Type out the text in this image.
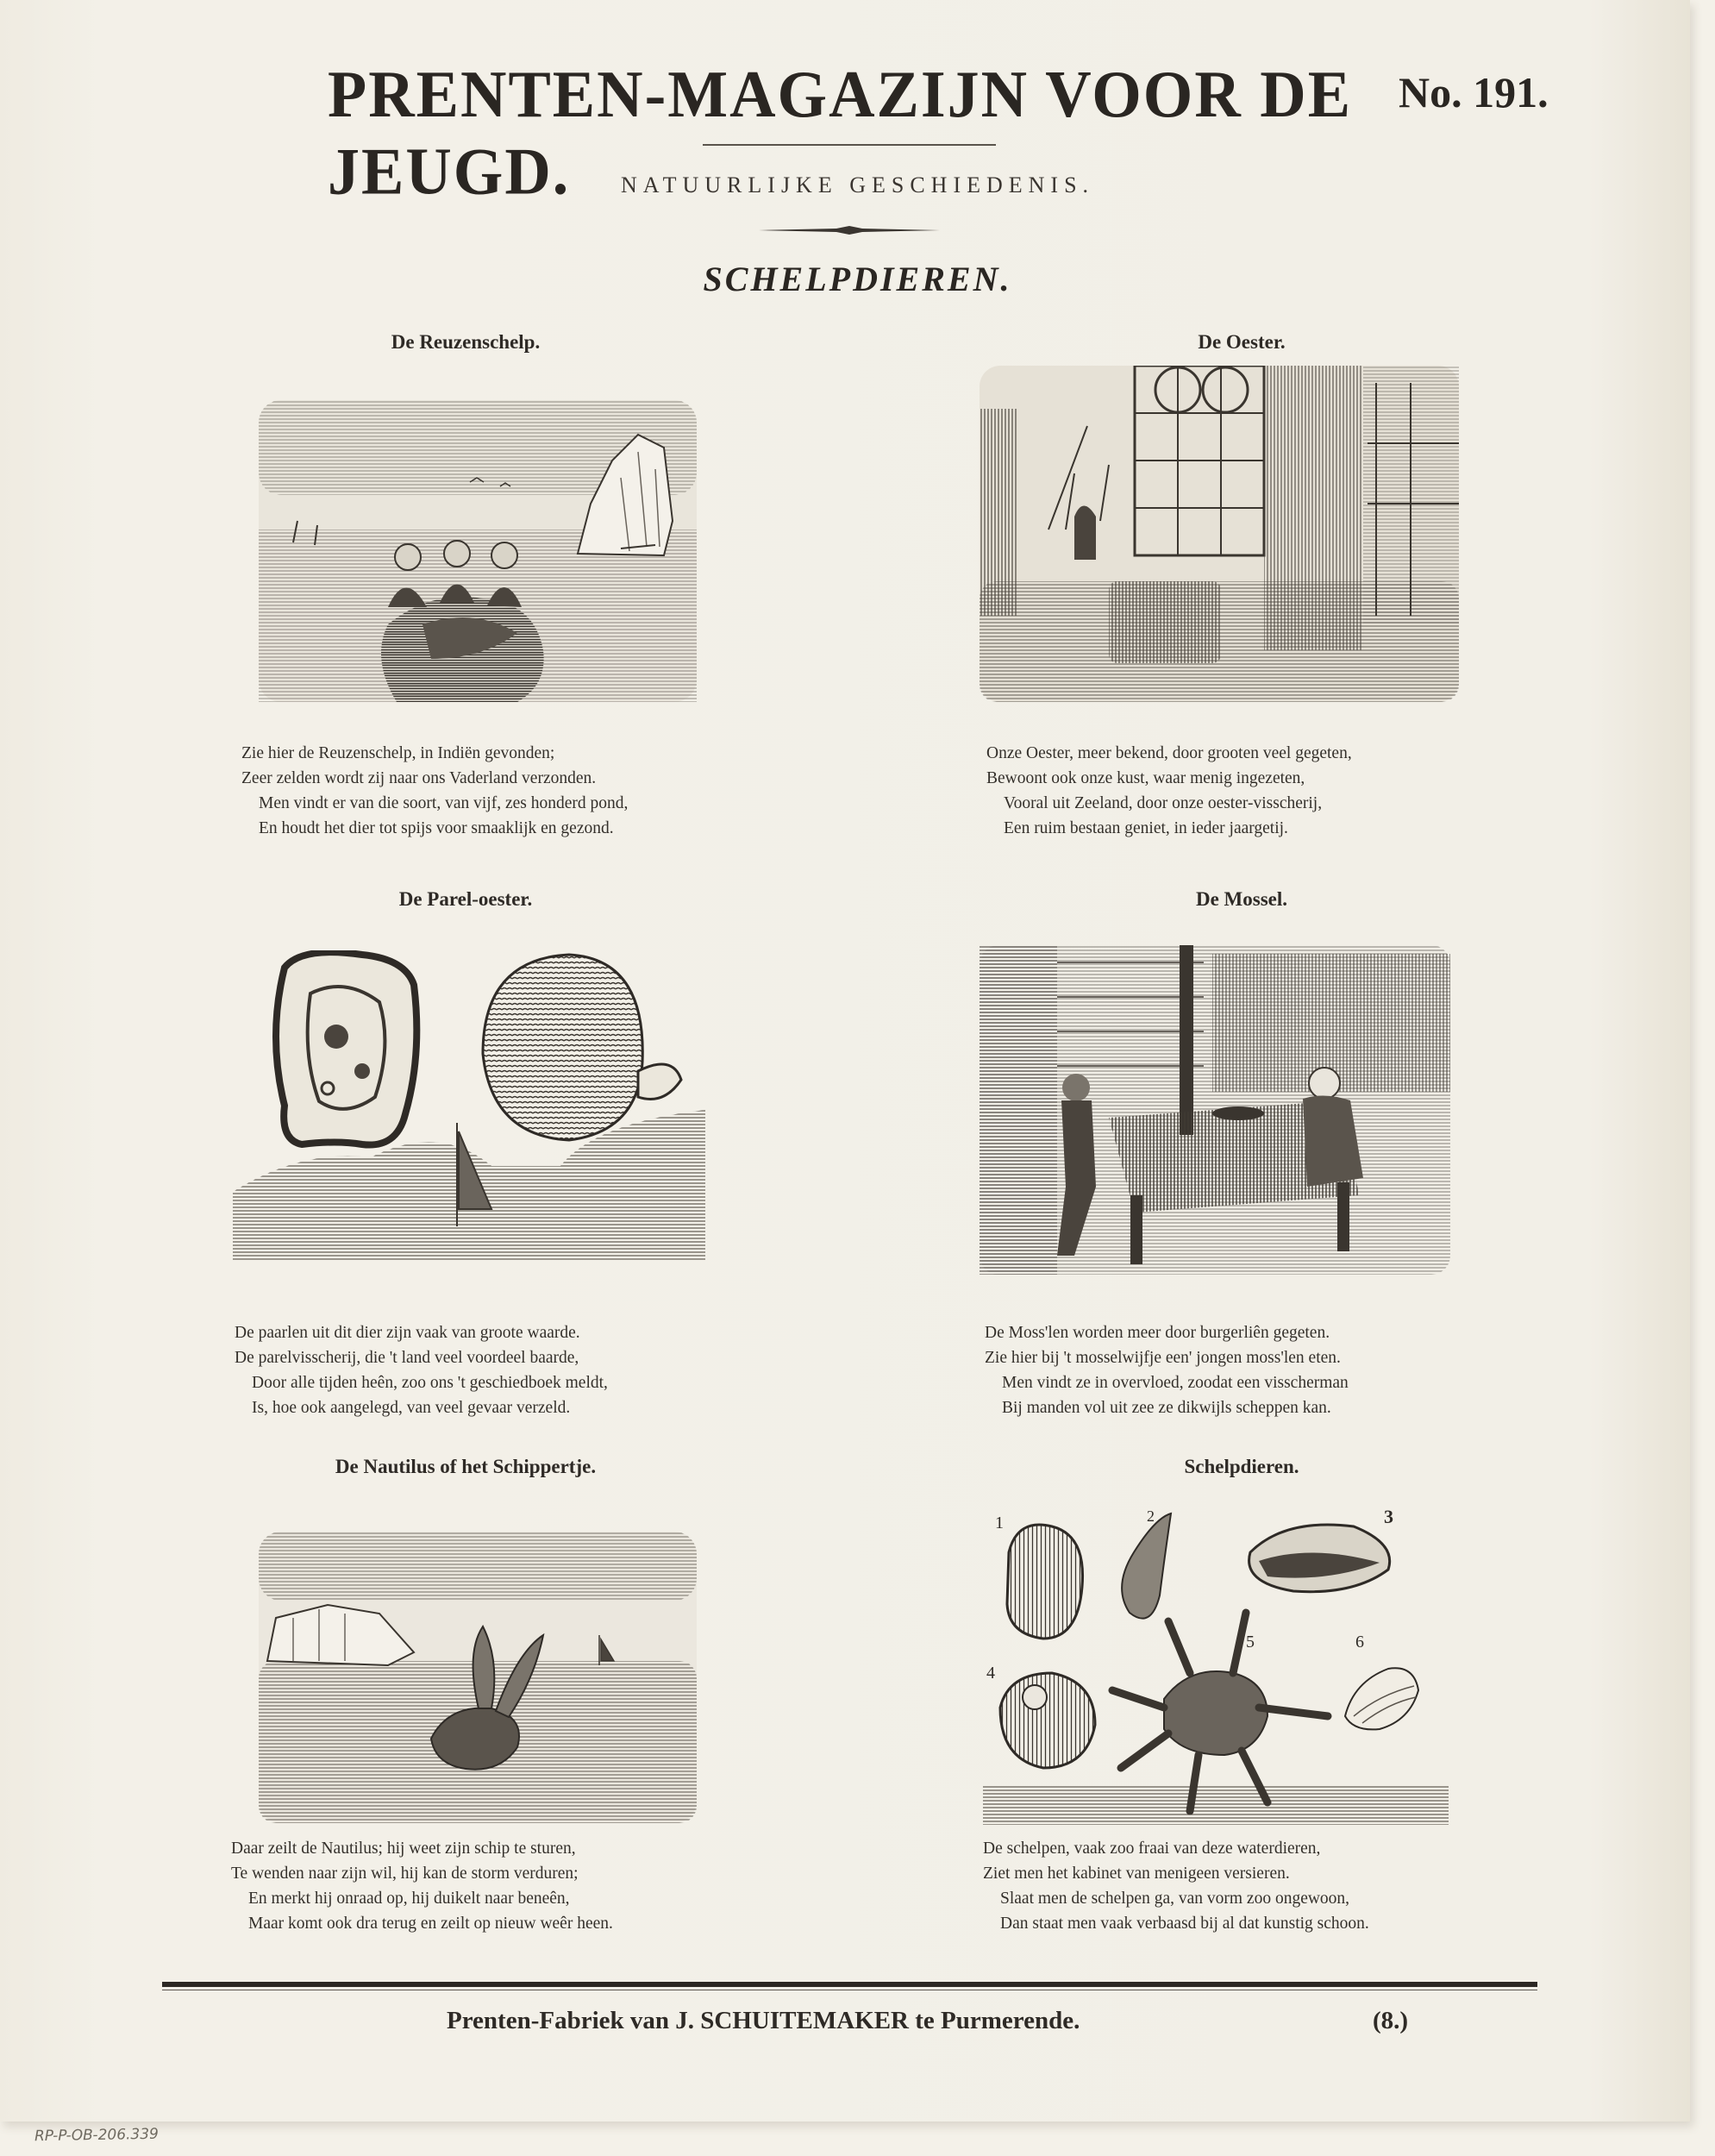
PRENTEN-MAGAZIJN VOOR DE JEUGD.
No. 191.
NATUURLIJKE GESCHIEDENIS.
SCHELPDIEREN.
De Reuzenschelp.
Zie hier de Reuzenschelp, in Indiën gevonden;
Zeer zelden wordt zij naar ons Vaderland verzonden.
Men vindt er van die soort, van vijf, zes honderd pond,
En houdt het dier tot spijs voor smaaklijk en gezond.
De Oester.
Onze Oester, meer bekend, door grooten veel gegeten,
Bewoont ook onze kust, waar menig ingezeten,
Vooral uit Zeeland, door onze oester-visscherij,
Een ruim bestaan geniet, in ieder jaargetij.
De Parel-oester.
De paarlen uit dit dier zijn vaak van groote waarde.
De parelvisscherij, die 't land veel voordeel baarde,
Door alle tijden heên, zoo ons 't geschiedboek meldt,
Is, hoe ook aangelegd, van veel gevaar verzeld.
De Mossel.
De Moss'len worden meer door burgerliên gegeten.
Zie hier bij 't mosselwijfje een' jongen moss'len eten.
Men vindt ze in overvloed, zoodat een visscherman
Bij manden vol uit zee ze dikwijls scheppen kan.
De Nautilus of het Schippertje.
Daar zeilt de Nautilus; hij weet zijn schip te sturen,
Te wenden naar zijn wil, hij kan de storm verduren;
En merkt hij onraad op, hij duikelt naar beneên,
Maar komt ook dra terug en zeilt op nieuw weêr heen.
Schelpdieren.
1	2	3
4
5	6
De schelpen, vaak zoo fraai van deze waterdieren,
Ziet men het kabinet van menigeen versieren.
Slaat men de schelpen ga, van vorm zoo ongewoon,
Dan staat men vaak verbaasd bij al dat kunstig schoon.
Prenten-Fabriek van J. SCHUITEMAKER te Purmerende.	(8.)
RP-P-OB-206.339
